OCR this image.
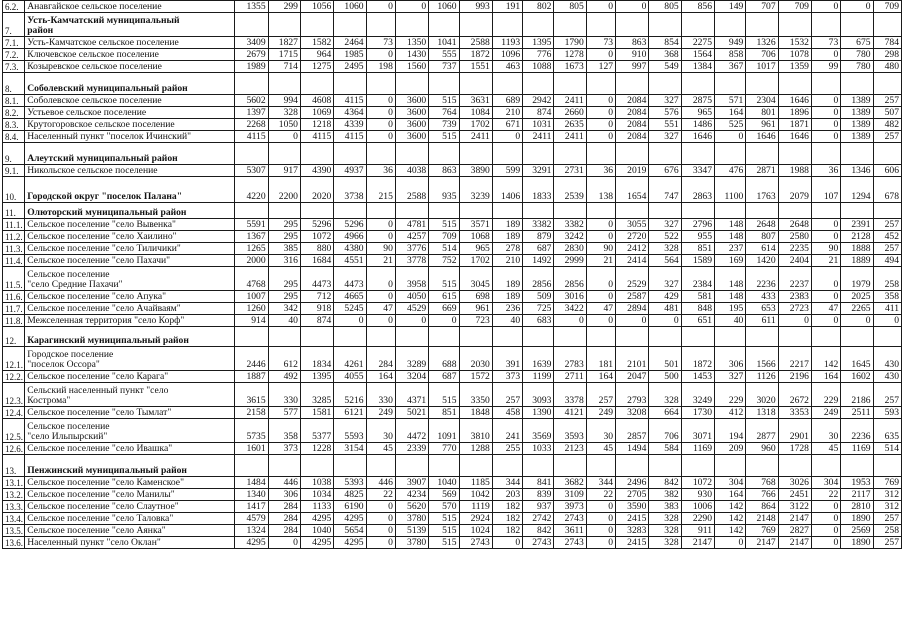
6.2.	Анавгайское сельское поселение	1355	299	1056	1060	0	0	1060	993	191	802	805	0	0	805	856	149	707	709	0	0	709
7.	Усть-Камчатский муниципальный
район																					

7.1.	Усть-Камчатское сельское поселение	3409	1827	1582	2464	73	1350	1041	2588	1193	1395	1790	73	863	854	2275	949	1326	1532	73	675	784
7.2.	Ключевское сельское поселение	2679	1715	964	1985	0	1430	555	1872	1096	776	1278	0	910	368	1564	858	706	1078	0	780	298
7.3.	Козыревское сельское поселение	1989	714	1275	2495	198	1560	737	1551	463	1088	1673	127	997	549	1384	367	1017	1359	99	780	480
8.	Соболевский муниципальный район																					

8.1.	Соболевское сельское поселение	5602	994	4608	4115	0	3600	515	3631	689	2942	2411	0	2084	327	2875	571	2304	1646	0	1389	257
8.2.	Устьевое сельское поселение	1397	328	1069	4364	0	3600	764	1084	210	874	2660	0	2084	576	965	164	801	1896	0	1389	507
8.3.	Крутогоровское сельское поселение	2268	1050	1218	4339	0	3600	739	1702	671	1031	2635	0	2084	551	1486	525	961	1871	0	1389	482
8.4.	Населенный пункт "поселок Ичинский"	4115	0	4115	4115	0	3600	515	2411	0	2411	2411	0	2084	327	1646	0	1646	1646	0	1389	257
9.	Алеутский муниципальный район																					

9.1.	Никольское сельское поселение	5307	917	4390	4937	36	4038	863	3890	599	3291	2731	36	2019	676	3347	476	2871	1988	36	1346	606
10.	Городской округ "поселок Палана"	4220	2200	2020	3738	215	2588	935	3239	1406	1833	2539	138	1654	747	2863	1100	1763	2079	107	1294	678
11.	Олюторский муниципальный район																					

11.1.	Сельское поселение "село Вывенка"	5591	295	5296	5296	0	4781	515	3571	189	3382	3382	0	3055	327	2796	148	2648	2648	0	2391	257
11.2.	Сельское поселение "село Хаилино"	1367	295	1072	4966	0	4257	709	1068	189	879	3242	0	2720	522	955	148	807	2580	0	2128	452
11.3.	Сельское поселение "село Тиличики"	1265	385	880	4380	90	3776	514	965	278	687	2830	90	2412	328	851	237	614	2235	90	1888	257
11.4.	Сельское поселение "село Пахачи"	2000	316	1684	4551	21	3778	752	1702	210	1492	2999	21	2414	564	1589	169	1420	2404	21	1889	494
11.5.	Сельское поселение
"село Средние Пахачи"	4768	295	4473	4473	0	3958	515	3045	189	2856	2856	0	2529	327	2384	148	2236	2237	0	1979	258
11.6.	Сельское поселение "село Апука"	1007	295	712	4665	0	4050	615	698	189	509	3016	0	2587	429	581	148	433	2383	0	2025	358
11.7.	Сельское поселение "село Ачайваям"	1260	342	918	5245	47	4529	669	961	236	725	3422	47	2894	481	848	195	653	2723	47	2265	411
11.8.	Межселенная территория "село Корф"	914	40	874	0	0	0	0	723	40	683	0	0	0	0	651	40	611	0	0	0	0
12.	Карагинский муниципальный район																					

12.1.	Городское поселение
"поселок Оссора"	2446	612	1834	4261	284	3289	688	2030	391	1639	2783	181	2101	501	1872	306	1566	2217	142	1645	430
12.2.	Сельское поселение "село Карага"	1887	492	1395	4055	164	3204	687	1572	373	1199	2711	164	2047	500	1453	327	1126	2196	164	1602	430
12.3.	Сельский населенный пункт "село
Кострома"	3615	330	3285	5216	330	4371	515	3350	257	3093	3378	257	2793	328	3249	229	3020	2672	229	2186	257
12.4.	Сельское поселение "село Тымлат"	2158	577	1581	6121	249	5021	851	1848	458	1390	4121	249	3208	664	1730	412	1318	3353	249	2511	593
12.5.	Сельское поселение
"село Ильпырский"	5735	358	5377	5593	30	4472	1091	3810	241	3569	3593	30	2857	706	3071	194	2877	2901	30	2236	635
12.6.	Сельское поселение "село Ивашка"	1601	373	1228	3154	45	2339	770	1288	255	1033	2123	45	1494	584	1169	209	960	1728	45	1169	514
13.	Пенжинский муниципальный район																					

13.1.	Сельское поселение "село Каменское"	1484	446	1038	5393	446	3907	1040	1185	344	841	3682	344	2496	842	1072	304	768	3026	304	1953	769
13.2.	Сельское поселение "село Манилы"	1340	306	1034	4825	22	4234	569	1042	203	839	3109	22	2705	382	930	164	766	2451	22	2117	312
13.3.	Сельское поселение "село Слаутное"	1417	284	1133	6190	0	5620	570	1119	182	937	3973	0	3590	383	1006	142	864	3122	0	2810	312
13.4.	Сельское поселение "село Таловка"	4579	284	4295	4295	0	3780	515	2924	182	2742	2743	0	2415	328	2290	142	2148	2147	0	1890	257
13.5.	Сельское поселение "село Аянка"	1324	284	1040	5654	0	5139	515	1024	182	842	3611	0	3283	328	911	142	769	2827	0	2569	258
13.6.	Населенный пункт "село Оклан"	4295	0	4295	4295	0	3780	515	2743	0	2743	2743	0	2415	328	2147	0	2147	2147	0	1890	257
